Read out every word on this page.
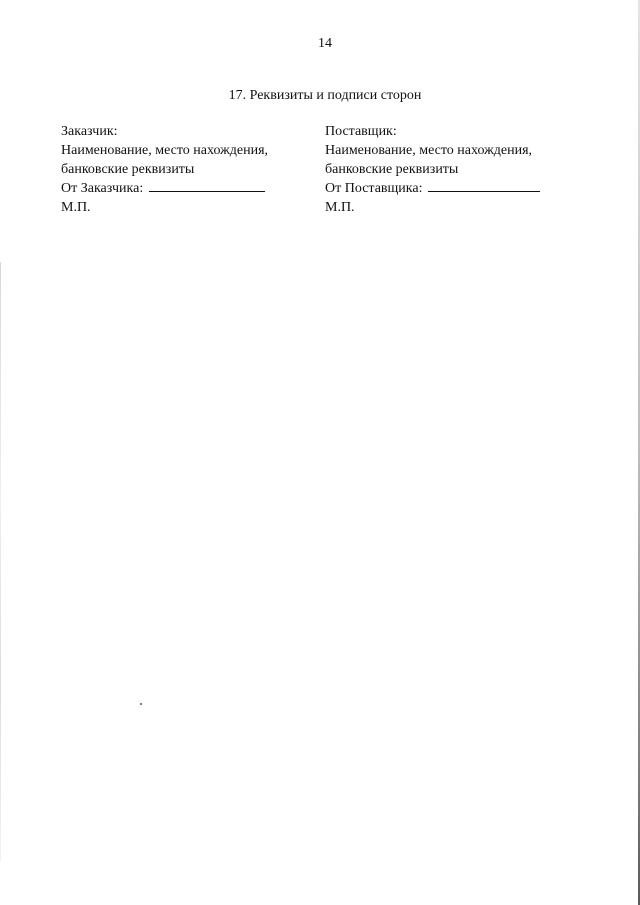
14
17. Реквизиты и подписи сторон
Заказчик:
Наименование, место нахождения,
банковские реквизиты
От Заказчика:
М.П.
Поставщик:
Наименование, место нахождения,
банковские реквизиты
От Поставщика:
М.П.
